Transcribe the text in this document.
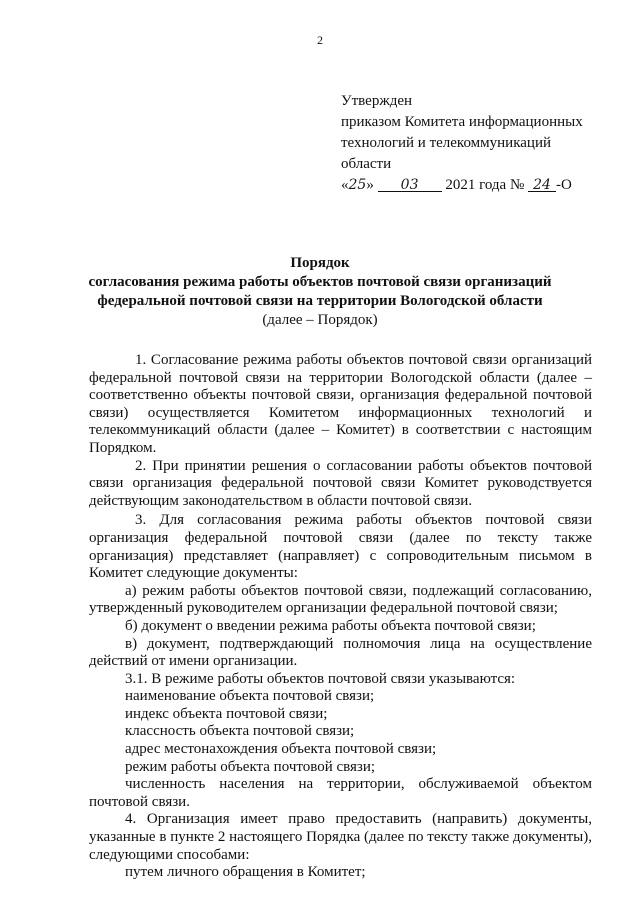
2
Утвержден
приказом Комитета информационных
технологий и телекоммуникаций
области
«25» 03 2021 года № 24 -О
Порядок
согласования режима работы объектов почтовой связи организаций
федеральной почтовой связи на территории Вологодской области
(далее – Порядок)

1. Согласование режима работы объектов почтовой связи организаций федеральной почтовой связи на территории Вологодской области (далее – соответственно объекты почтовой связи, организация федеральной почтовой связи) осуществляется Комитетом информационных технологий и телекоммуникаций области (далее – Комитет) в соответствии с настоящим Порядком.

2. При принятии решения о согласовании работы объектов почтовой связи организация федеральной почтовой связи Комитет руководствуется действующим законодательством в области почтовой связи.

3. Для согласования режима работы объектов почтовой связи организация федеральной почтовой связи (далее по тексту также организация) представляет (направляет) с сопроводительным письмом в Комитет следующие документы:

а) режим работы объектов почтовой связи, подлежащий согласованию, утвержденный руководителем организации федеральной почтовой связи;

б) документ о введении режима работы объекта почтовой связи;

в) документ, подтверждающий полномочия лица на осуществление действий от имени организации.

3.1. В режиме работы объектов почтовой связи указываются:

наименование объекта почтовой связи;

индекс объекта почтовой связи;

классность объекта почтовой связи;

адрес местонахождения объекта почтовой связи;

режим работы объекта почтовой связи;

численность населения на территории, обслуживаемой объектом почтовой связи.

4. Организация имеет право предоставить (направить) документы, указанные в пункте 2 настоящего Порядка (далее по тексту также документы), следующими способами:

путем личного обращения в Комитет;
